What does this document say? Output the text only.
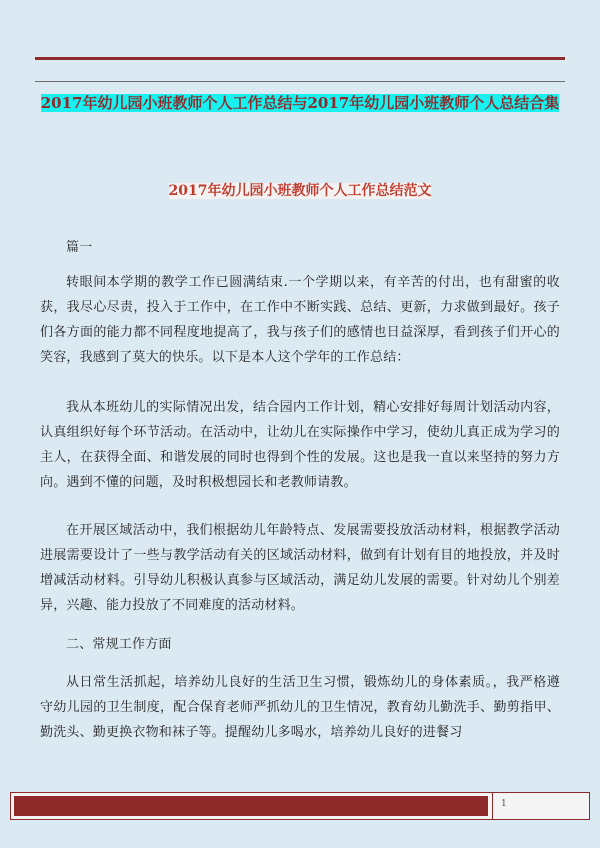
2017年幼儿园小班教师个人工作总结与2017年幼儿园小班教师个人总结合集
2017年幼儿园小班教师个人工作总结范文

篇一

转眼间本学期的教学工作已圆满结束.一个学期以来，有辛苦的付出，也有甜蜜的收获，我尽心尽责，投入于工作中，在工作中不断实践、总结、更新，力求做到最好。孩子们各方面的能力都不同程度地提高了，我与孩子们的感情也日益深厚，看到孩子们开心的笑容，我感到了莫大的快乐。以下是本人这个学年的工作总结：

我从本班幼儿的实际情况出发，结合园内工作计划，精心安排好每周计划活动内容，认真组织好每个环节活动。在活动中，让幼儿在实际操作中学习，使幼儿真正成为学习的主人，在获得全面、和谐发展的同时也得到个性的发展。这也是我一直以来坚持的努力方向。遇到不懂的问题，及时积极想园长和老教师请教。

在开展区域活动中，我们根据幼儿年龄特点、发展需要投放活动材料，根据教学活动进展需要设计了一些与教学活动有关的区域活动材料，做到有计划有目的地投放，并及时增减活动材料。引导幼儿积极认真参与区域活动，满足幼儿发展的需要。针对幼儿个别差异，兴趣、能力投放了不同难度的活动材料。

二、常规工作方面

从日常生活抓起，培养幼儿良好的生活卫生习惯，锻炼幼儿的身体素质。，我严格遵守幼儿园的卫生制度，配合保育老师严抓幼儿的卫生情况，教育幼儿勤洗手、勤剪指甲、勤洗头、勤更换衣物和袜子等。提醒幼儿多喝水，培养幼儿良好的进餐习

1
